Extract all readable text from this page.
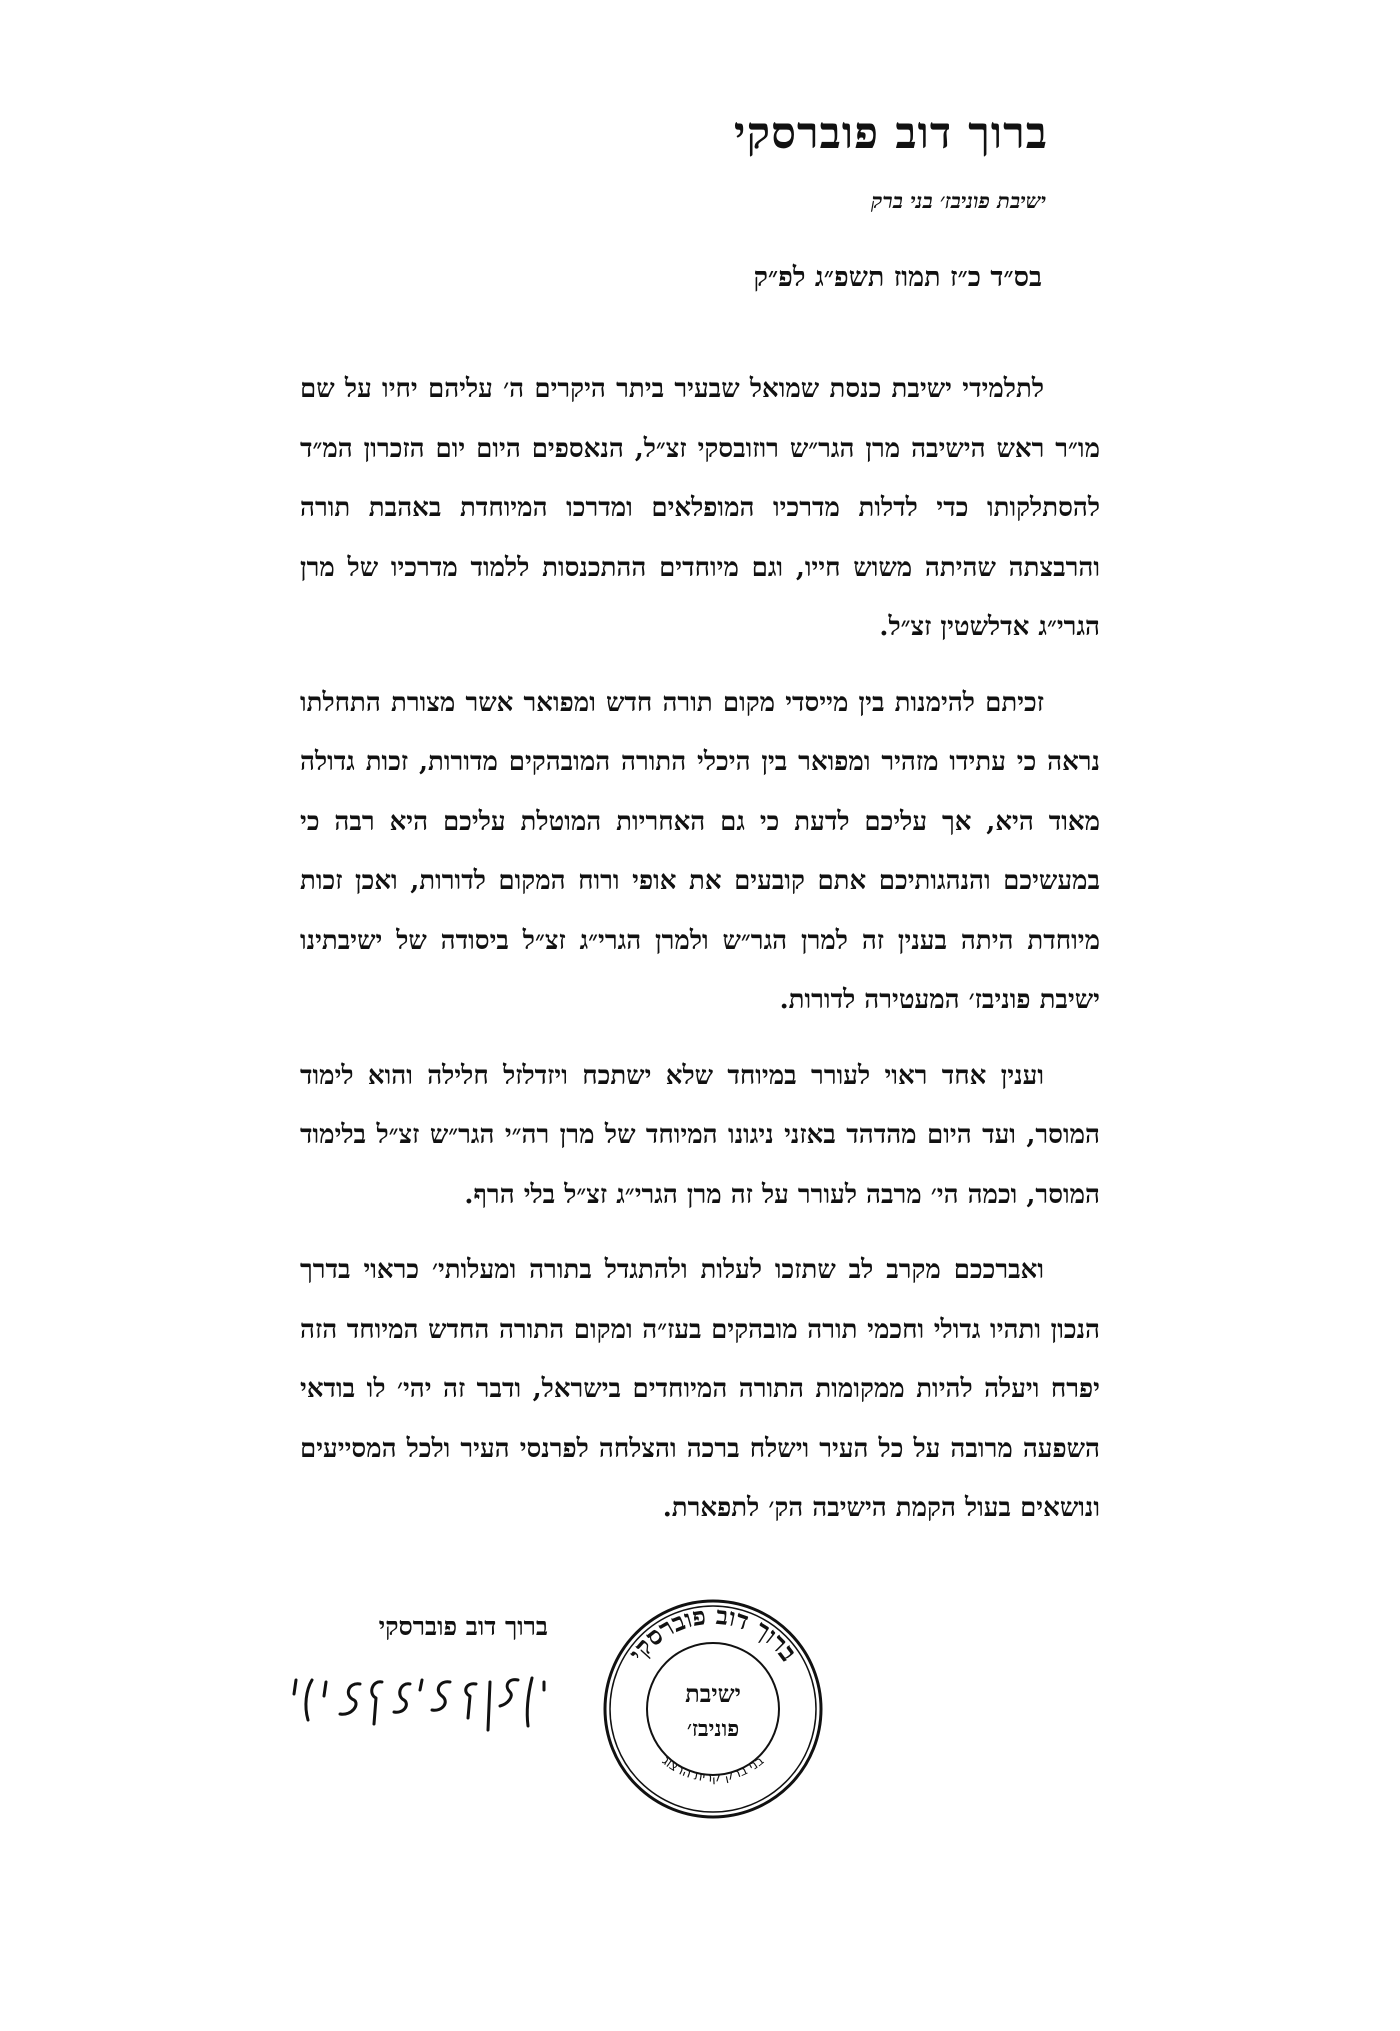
ברוך דוב פוברסקי
ישיבת פוניבז׳ בני ברק
בס״ד כ״ז תמוז תשפ״ג לפ״ק

לתלמידי ישיבת כנסת שמואל שבעיר ביתר היקרים ה׳ עליהם יחיו על שם מו״ר ראש הישיבה מרן הגר״ש רוזובסקי זצ״ל, הנאספים היום יום הזכרון המ״ד להסתלקותו כדי לדלות מדרכיו המופלאים ומדרכו המיוחדת באהבת תורה והרבצתה שהיתה משוש חייו, וגם מיוחדים ההתכנסות ללמוד מדרכיו של מרן הגרי״ג אדלשטין זצ״ל.

זכיתם להימנות בין מייסדי מקום תורה חדש ומפואר אשר מצורת התחלתו נראה כי עתידו מזהיר ומפואר בין היכלי התורה המובהקים מדורות, זכות גדולה מאוד היא, אך עליכם לדעת כי גם האחריות המוטלת עליכם היא רבה כי במעשיכם והנהגותיכם אתם קובעים את אופי ורוח המקום לדורות, ואכן זכות מיוחדת היתה בענין זה למרן הגר״ש ולמרן הגרי״ג זצ״ל ביסודה של ישיבתינו ישיבת פוניבז׳ המעטירה לדורות.

וענין אחד ראוי לעורר במיוחד שלא ישתכח ויזדלזל חלילה והוא לימוד המוסר, ועד היום מהדהד באזני ניגונו המיוחד של מרן רה״י הגר״ש זצ״ל בלימוד המוסר, וכמה הי׳ מרבה לעורר על זה מרן הגרי״ג זצ״ל בלי הרף.

ואברככם מקרב לב שתזכו לעלות ולהתגדל בתורה ומעלותי׳ כראוי בדרך הנכון ותהיו גדולי וחכמי תורה מובהקים בעז״ה ומקום התורה החדש המיוחד הזה יפרח ויעלה להיות ממקומות התורה המיוחדים בישראל, ודבר זה יהי׳ לו בודאי השפעה מרובה על כל העיר וישלח ברכה והצלחה לפרנסי העיר ולכל המסייעים ונושאים בעול הקמת הישיבה הק׳ לתפארת.

ברוך דוב פוברסקי
ברוך דוב פוברסקי
בני ברק קרית הרצוג
ישיבת
פוניבז׳
